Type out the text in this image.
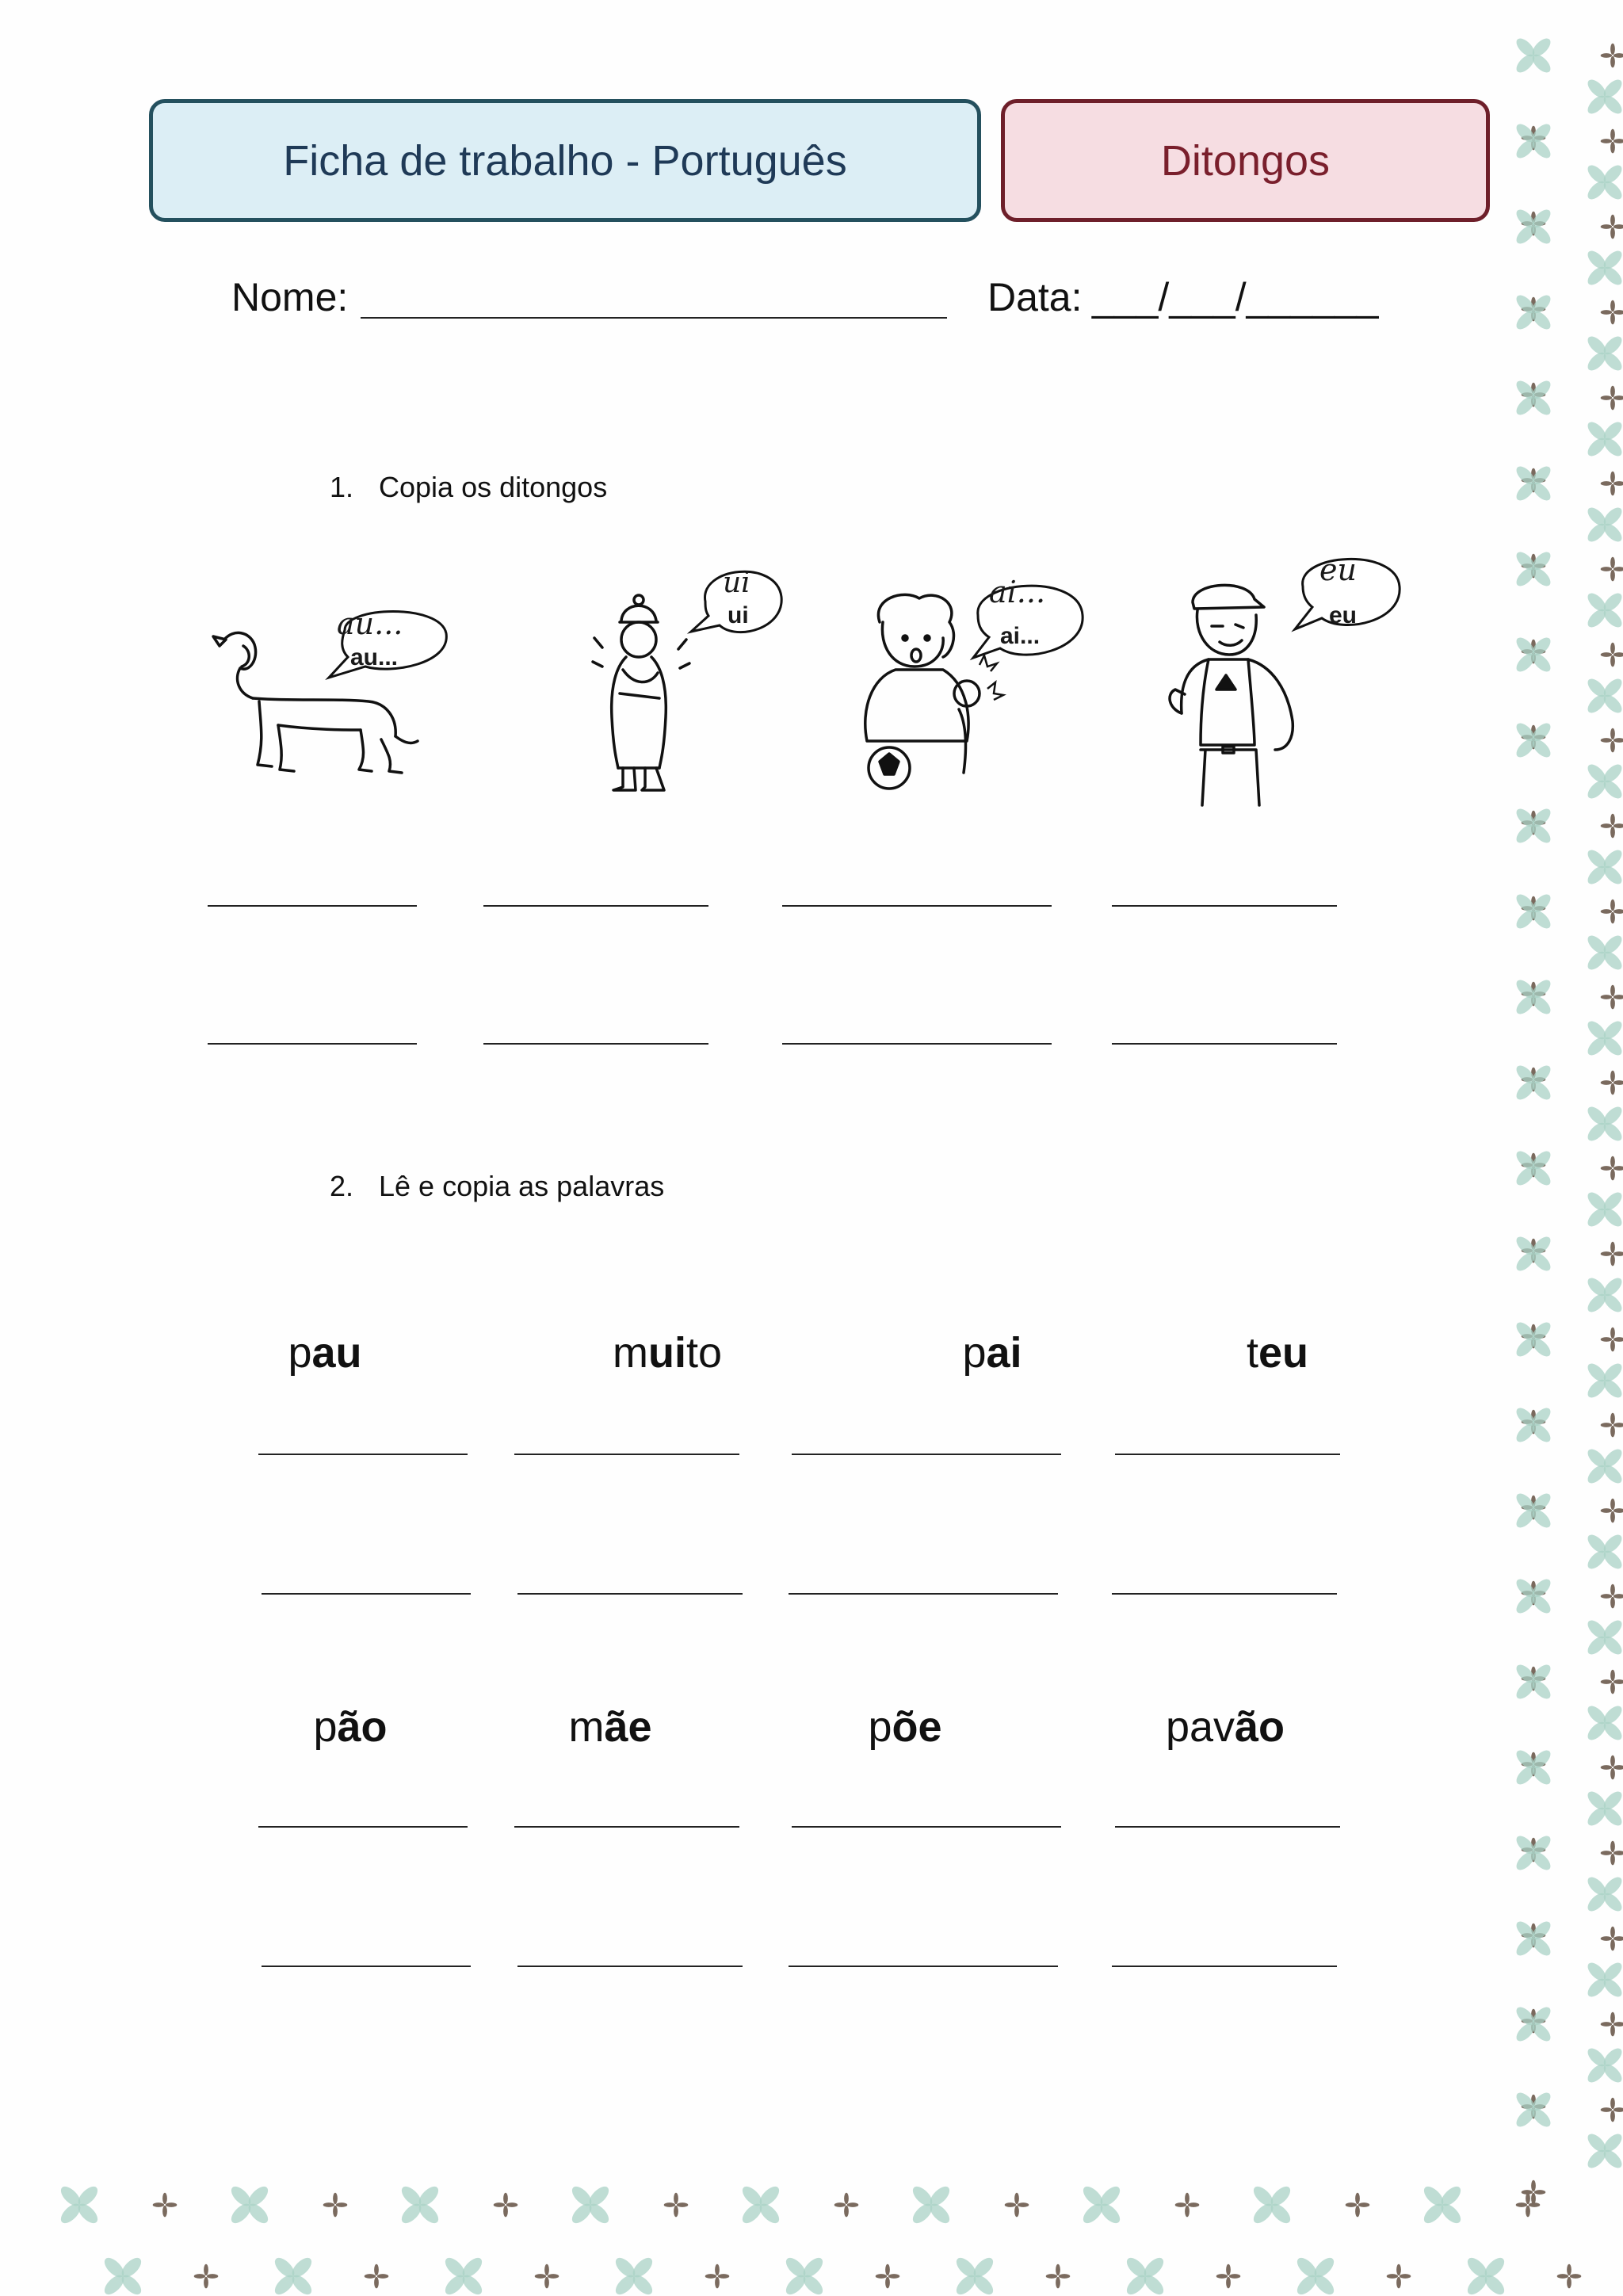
Ficha de trabalho - Português	Ditongos
Nome:	Data: ___/___/______
1. Copia os ditongos
au...
au...
ui
ui
ai...
ai...
eu
eu
2. Lê e copia as palavras
pau	muito	pai	teu
pão	mãe	põe	pavão
